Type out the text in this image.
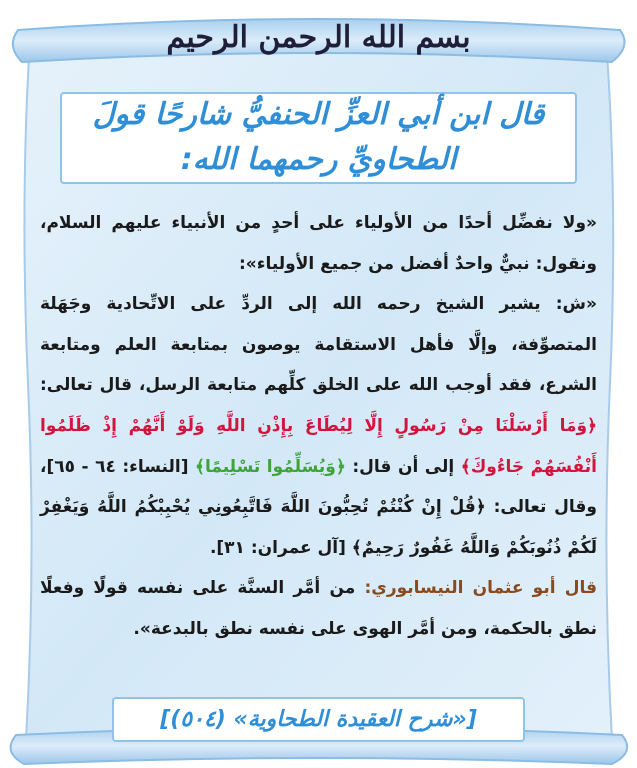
بسم الله الرحمن الرحيم
قال ابن أبي العزِّ الحنفيُّ شارحًا قولَ
الطحاويِّ رحمهما الله:

«ولا نفضِّل أحدًا من الأولياء على أحدٍ من الأنبياء عليهم السلام، ونقول: نبيٌّ واحدٌ أفضل من جميع الأولياء»:

«ش: يشير الشيخ رحمه الله إلى الردِّ على الاتِّحادية وجَهَلة المتصوِّفة، وإلَّا فأهل الاستقامة يوصون بمتابعة العلم ومتابعة الشرع، فقد أوجب الله على الخلق كلِّهم متابعة الرسل، قال تعالى: ﴿وَمَا أَرْسَلْنَا مِنْ رَسُولٍ إِلَّا لِيُطَاعَ بِإِذْنِ اللَّهِ وَلَوْ أَنَّهُمْ إِذْ ظَلَمُوا أَنْفُسَهُمْ جَاءُوكَ﴾ إلى أن قال: ﴿وَيُسَلِّمُوا تَسْلِيمًا﴾ [النساء: ٦٤ - ٦٥]، وقال تعالى: ﴿قُلْ إِنْ كُنْتُمْ تُحِبُّونَ اللَّهَ فَاتَّبِعُونِي يُحْبِبْكُمُ اللَّهُ وَيَغْفِرْ لَكُمْ ذُنُوبَكُمْ وَاللَّهُ غَفُورٌ رَحِيمٌ﴾ [آل عمران: ٣١].

قال أبو عثمان النيسابوري: من أمَّر السنَّة على نفسه قولًا وفعلًا نطق بالحكمة، ومن أمَّر الهوى على نفسه نطق بالبدعة».

[«شرح العقيدة الطحاوية» (٥٠٤)]
